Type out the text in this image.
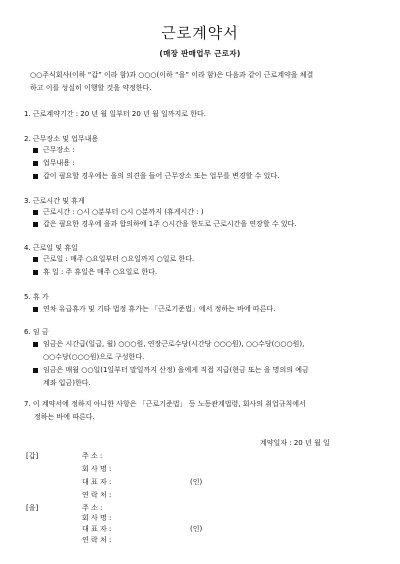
근로계약서
(매장 판매업무 근로자)
○○주식회사(이하 “갑” 이라 함)과 ○○○(이하 “을” 이라 함)은 다음과 같이 근로계약을 체결
하고 이를 성실히 이행할 것을 약정한다.
1. 근로계약기간 : 20 년 월 일부터 20 년 월 일까지로 한다.
2. 근무장소 및 업무내용
근무장소 :
업무내용 :
갑이 필요할 경우에는 을의 의견을 들어 근무장소 또는 업무를 변경할 수 있다.
3. 근로시간 및 휴게
근로시간 : ○시 ○분부터 ○시 ○분까지 (휴게시간 : )
갑은 필요한 경우에 을과 합의하에 1주 ○시간을 한도로 근로시간을 연장할 수 있다.
4. 근로일 및 휴일
근로일 : 매주 ○요일부터 ○요일까지 ○일로 한다.
휴 일 : 주 휴일은 매주 ○요일로 한다.
5. 휴 가
연차 유급휴가 및 기타 법정 휴가는 「근로기준법」에서 정하는 바에 따른다.
6. 임 금
임금은 시간급(일급, 월) ○○○원, 연장근로수당(시간당 ○○○원), ○○수당(○○○원),
○○수당(○○○원)으로 구성한다.
임금은 매월 ○○일(1일부터 말일까지 산정) 을에게 직접 지급(현금 또는 을 명의의 예금
계좌 입금)한다.
7. 이 계약서에 정하지 아니한 사항은 「근로기준법」 등 노동관계법령, 회사의 취업규칙에서
정하는 바에 따른다.
계약일자 : 20 년 월 일
[갑]	주 소 :
회 사 명 :
대 표 자 :	(인)
연 락 처 :
[을]	주 소 :
회 사 명 :
대 표 자 :	(인)
연 락 처 :
